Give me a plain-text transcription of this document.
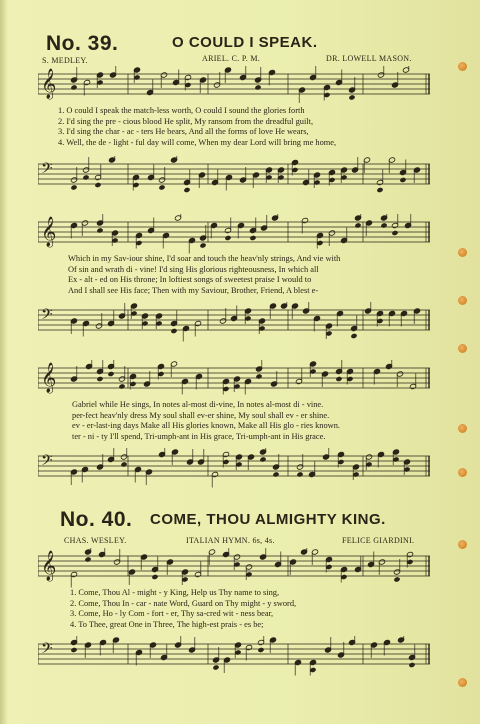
No. 39.	O COULD I SPEAK.
S. MEDLEY.	ARIEL. C. P. M.	DR. LOWELL MASON.
𝄞
1. O could I speak the match-less worth, O could I sound the glories forth
2. I'd sing the pre - cious blood He split, My ransom from the dreadful guilt,
3. I'd sing the char - ac - ters He bears, And all the forms of love He wears,
4. Well, the de - light - ful day will come, When my dear Lord will bring me home,
𝄢
𝄞
Which in my Sav-iour shine, I'd soar and touch the heav'nly strings, And vie with
Of sin and wrath di - vine! I'd sing His glorious righteousness, In which all
Ex - alt - ed on His throne; In loftiest songs of sweetest praise I would to
And I shall see His face; Then with my Saviour, Brother, Friend, A blest e-
𝄢
𝄞
Gabriel while He sings, In notes al-most di-vine, In notes al-most di - vine.
per-fect heav'nly dress My soul shall ev-er shine, My soul shall ev - er shine.
ev - er-last-ing days Make all His glories known, Make all His glo - ries known.
ter - ni - ty I'll spend, Tri-umph-ant in His grace, Tri-umph-ant in His grace.
𝄢
No. 40. COME, THOU ALMIGHTY KING.
CHAS. WESLEY.	ITALIAN HYMN. 6s, 4s.	FELICE GIARDINI.
𝄞
1. Come, Thou Al - might - y King, Help us Thy name to sing,
2. Come, Thou In - car - nate Word, Guard on Thy might - y sword,
3. Come, Ho - ly Com - fort - er, Thy sa-cred wit - ness bear,
4. To Thee, great One in Three, The high-est prais - es be;
𝄢
